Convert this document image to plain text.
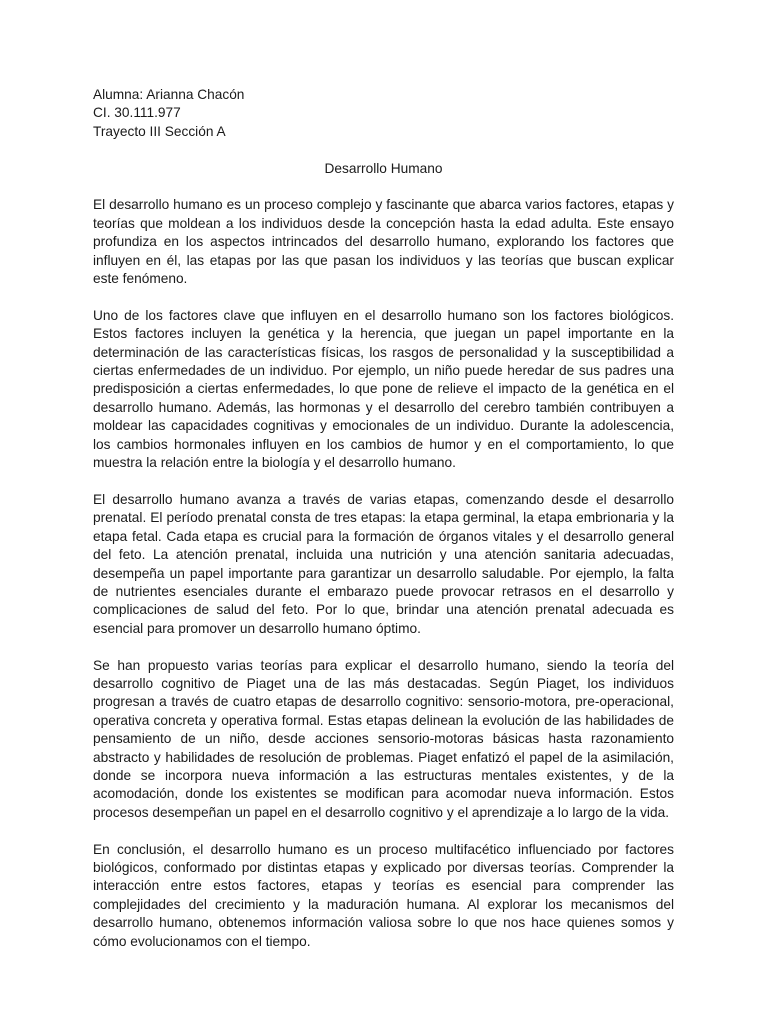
Alumna: Arianna Chacón

CI. 30.111.977

Trayecto III Sección A

Desarrollo Humano

El desarrollo humano es un proceso complejo y fascinante que abarca varios factores, etapas y teorías que moldean a los individuos desde la concepción hasta la edad adulta. Este ensayo profundiza en los aspectos intrincados del desarrollo humano, explorando los factores que influyen en él, las etapas por las que pasan los individuos y las teorías que buscan explicar este fenómeno.

Uno de los factores clave que influyen en el desarrollo humano son los factores biológicos. Estos factores incluyen la genética y la herencia, que juegan un papel importante en la determinación de las características físicas, los rasgos de personalidad y la susceptibilidad a ciertas enfermedades de un individuo. Por ejemplo, un niño puede heredar de sus padres una predisposición a ciertas enfermedades, lo que pone de relieve el impacto de la genética en el desarrollo humano. Además, las hormonas y el desarrollo del cerebro también contribuyen a moldear las capacidades cognitivas y emocionales de un individuo. Durante la adolescencia, los cambios hormonales influyen en los cambios de humor y en el comportamiento, lo que muestra la relación entre la biología y el desarrollo humano.

El desarrollo humano avanza a través de varias etapas, comenzando desde el desarrollo prenatal. El período prenatal consta de tres etapas: la etapa germinal, la etapa embrionaria y la etapa fetal. Cada etapa es crucial para la formación de órganos vitales y el desarrollo general del feto. La atención prenatal, incluida una nutrición y una atención sanitaria adecuadas, desempeña un papel importante para garantizar un desarrollo saludable. Por ejemplo, la falta de nutrientes esenciales durante el embarazo puede provocar retrasos en el desarrollo y complicaciones de salud del feto. Por lo que, brindar una atención prenatal adecuada es esencial para promover un desarrollo humano óptimo.

Se han propuesto varias teorías para explicar el desarrollo humano, siendo la teoría del desarrollo cognitivo de Piaget una de las más destacadas. Según Piaget, los individuos progresan a través de cuatro etapas de desarrollo cognitivo: sensorio-motora, pre-operacional, operativa concreta y operativa formal. Estas etapas delinean la evolución de las habilidades de pensamiento de un niño, desde acciones sensorio-motoras básicas hasta razonamiento abstracto y habilidades de resolución de problemas. Piaget enfatizó el papel de la asimilación, donde se incorpora nueva información a las estructuras mentales existentes, y de la acomodación, donde los existentes se modifican para acomodar nueva información. Estos procesos desempeñan un papel en el desarrollo cognitivo y el aprendizaje a lo largo de la vida.

En conclusión, el desarrollo humano es un proceso multifacético influenciado por factores biológicos, conformado por distintas etapas y explicado por diversas teorías. Comprender la interacción entre estos factores, etapas y teorías es esencial para comprender las complejidades del crecimiento y la maduración humana. Al explorar los mecanismos del desarrollo humano, obtenemos información valiosa sobre lo que nos hace quienes somos y cómo evolucionamos con el tiempo.
